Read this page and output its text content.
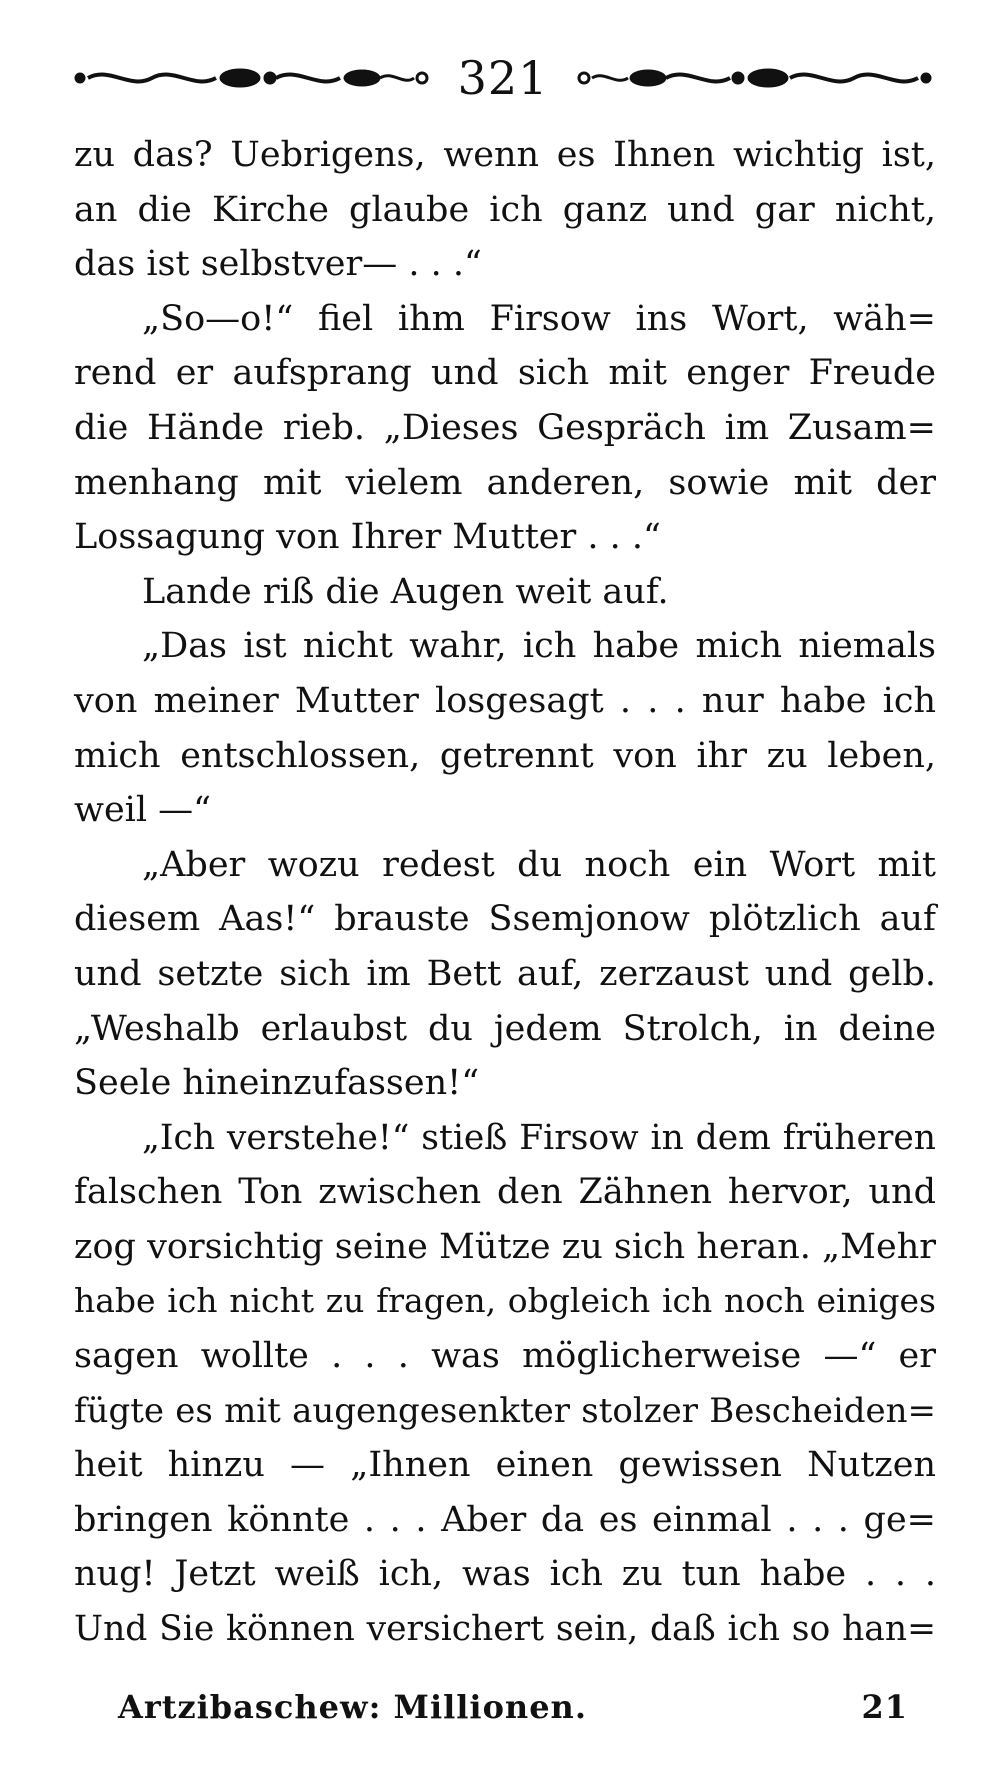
321
zu das? Uebrigens, wenn es Ihnen wichtig ist,
an die Kirche glaube ich ganz und gar nicht,
das ist selbstver— . . .“
„So—o!“ fiel ihm Firsow ins Wort, wäh=
rend er aufsprang und sich mit enger Freude
die Hände rieb. „Dieses Gespräch im Zusam=
menhang mit vielem anderen, sowie mit der
Lossagung von Ihrer Mutter . . .“
Lande riß die Augen weit auf.
„Das ist nicht wahr, ich habe mich niemals
von meiner Mutter losgesagt . . . nur habe ich
mich entschlossen, getrennt von ihr zu leben,
weil —“
„Aber wozu redest du noch ein Wort mit
diesem Aas!“ brauste Ssemjonow plötzlich auf
und setzte sich im Bett auf, zerzaust und gelb.
„Weshalb erlaubst du jedem Strolch, in deine
Seele hineinzufassen!“
„Ich verstehe!“ stieß Firsow in dem früheren
falschen Ton zwischen den Zähnen hervor, und
zog vorsichtig seine Mütze zu sich heran. „Mehr
habe ich nicht zu fragen, obgleich ich noch einiges
sagen wollte . . . was möglicherweise —“ er
fügte es mit augengesenkter stolzer Bescheiden=
heit hinzu — „Ihnen einen gewissen Nutzen
bringen könnte . . . Aber da es einmal . . . ge=
nug! Jetzt weiß ich, was ich zu tun habe . . .
Und Sie können versichert sein, daß ich so han=
Artzibaschew: Millionen.	21
